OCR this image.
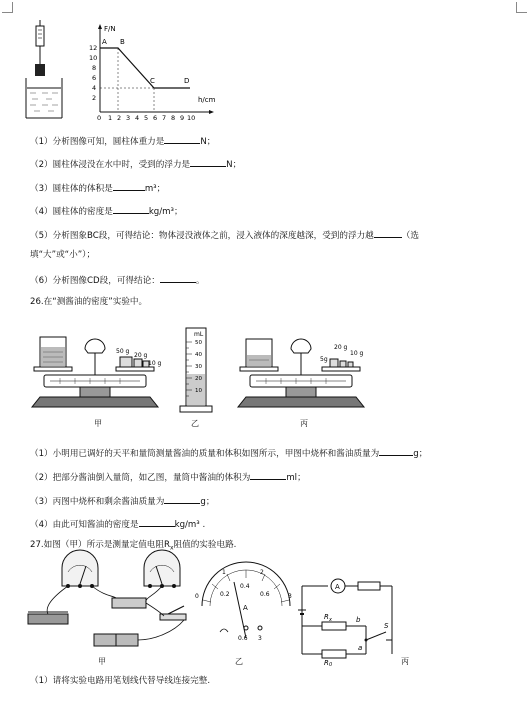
F/N
h/cm
12
10
8
6
4
2
0 1 2 3 4 5 6 7 8 9 10
A B
C	D
（1）分析图像可知，圆柱体重力是	N；
（2）圆柱体浸没在水中时，受到的浮力是	N；
（3）圆柱体的体积是	m³；
（4）圆柱体的密度是	kg/m³；
（5）分析图象BC段，可得结论：物体浸没液体之前，浸入液体的深度越深，受到的浮力越	（选
填“大”或“小”）；
（6）分析图像CD段，可得结论：	。
26.在“测酱油的密度”实验中。
50 g
20 g
10 g
甲
mL
50
40
30
20
10
乙
20 g
10 g
5g
丙
（1）小明用已调好的天平和量筒测量酱油的质量和体积如图所示，甲图中烧杯和酱油质量为	g；
（2）把部分酱油倒入量筒，如乙图，量筒中酱油的体积为	ml；
（3）丙图中烧杯和剩余酱油质量为	g；
（4）由此可知酱油的密度是	kg/m³ .
27.如图（甲）所示是测量定值电阻$R_x$阻值的实验电路.
甲
0
1	2
3
0.2
0.4
0.6
A
0.6 3
乙
A
R x
R 0
a
b
S
丙
（1）请将实验电路用笔划线代替导线连接完整.
